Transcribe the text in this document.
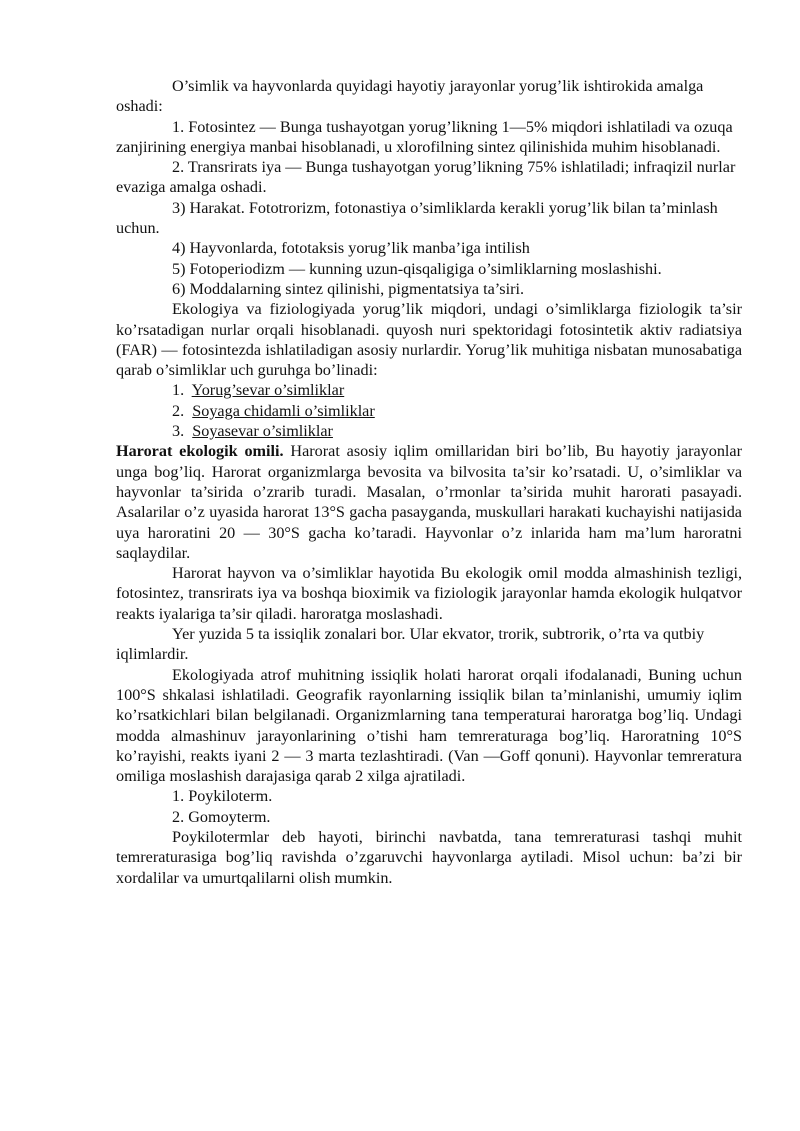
O’simlik va hayvonlarda quyidagi hayotiy jarayonlar yorug’lik ishtirokida amalga oshadi:

1. Fotosintez — Bunga tushayotgan yorug’likning 1—5% miqdori ishlatiladi va ozuqa zanjirining energiya manbai hisoblanadi, u xlorofilning sintez qilinishida muhim hisoblanadi.

2. Transrirats iya — Bunga tushayotgan yorug’likning 75% ishlatiladi; infraqizil nurlar evaziga amalga oshadi.

3) Harakat. Fototrorizm, fotonastiya o’simliklarda kerakli yorug’lik bilan ta’minlash uchun.

4) Hayvonlarda, fototaksis yorug’lik manba’iga intilish

5) Fotoperiodizm — kunning uzun-qisqaligiga o’simliklarning moslashishi.

6) Moddalarning sintez qilinishi, pigmentatsiya ta’siri.

Ekologiya va fiziologiyada yorug’lik miqdori, undagi o’simliklarga fiziologik ta’sir ko’rsatadigan nurlar orqali hisoblanadi. quyosh nuri spektoridagi fotosintetik aktiv radiatsiya (FAR) — fotosintezda ishlatiladigan asosiy nurlardir. Yorug’lik muhitiga nisbatan munosabatiga qarab o’simliklar uch guruhga bo’linadi:

1. Yorug’sevar o’simliklar

2. Soyaga chidamli o’simliklar

3. Soyasevar o’simliklar

Harorat ekologik omili. Harorat asosiy iqlim omillaridan biri bo’lib, Bu hayotiy jarayonlar unga bog’liq. Harorat organizmlarga bevosita va bilvosita ta’sir ko’rsatadi. U, o’simliklar va hayvonlar ta’sirida o’zrarib turadi. Masalan, o’rmonlar ta’sirida muhit harorati pasayadi. Asalarilar o’z uyasida harorat 13°S gacha pasayganda, muskullari harakati kuchayishi natijasida uya haroratini 20 — 30°S gacha ko’taradi. Hayvonlar o’z inlarida ham ma’lum haroratni saqlaydilar.

Harorat hayvon va o’simliklar hayotida Bu ekologik omil modda almashinish tezligi, fotosintez, transrirats iya va boshqa bioximik va fiziologik jarayonlar hamda ekologik hulqatvor reakts iyalariga ta’sir qiladi. haroratga moslashadi.

Yer yuzida 5 ta issiqlik zonalari bor. Ular ekvator, trorik, subtrorik, o’rta va qutbiy iqlimlardir.

Ekologiyada atrof muhitning issiqlik holati harorat orqali ifodalanadi, Buning uchun 100°S shkalasi ishlatiladi. Geografik rayonlarning issiqlik bilan ta’minlanishi, umumiy iqlim ko’rsatkichlari bilan belgilanadi. Organizmlarning tana temperaturai haroratga bog’liq. Undagi modda almashinuv jarayonlarining o’tishi ham temreraturaga bog’liq. Haroratning 10°S ko’rayishi, reakts iyani 2 — 3 marta tezlashtiradi. (Van —Goff qonuni). Hayvonlar temreratura omiliga moslashish darajasiga qarab 2 xilga ajratiladi.

1. Poykiloterm.

2. Gomoyterm.

Poykilotermlar deb hayoti, birinchi navbatda, tana temreraturasi tashqi muhit temreraturasiga bog’liq ravishda o’zgaruvchi hayvonlarga aytiladi. Misol uchun: ba’zi bir xordalilar va umurtqalilarni olish mumkin.
